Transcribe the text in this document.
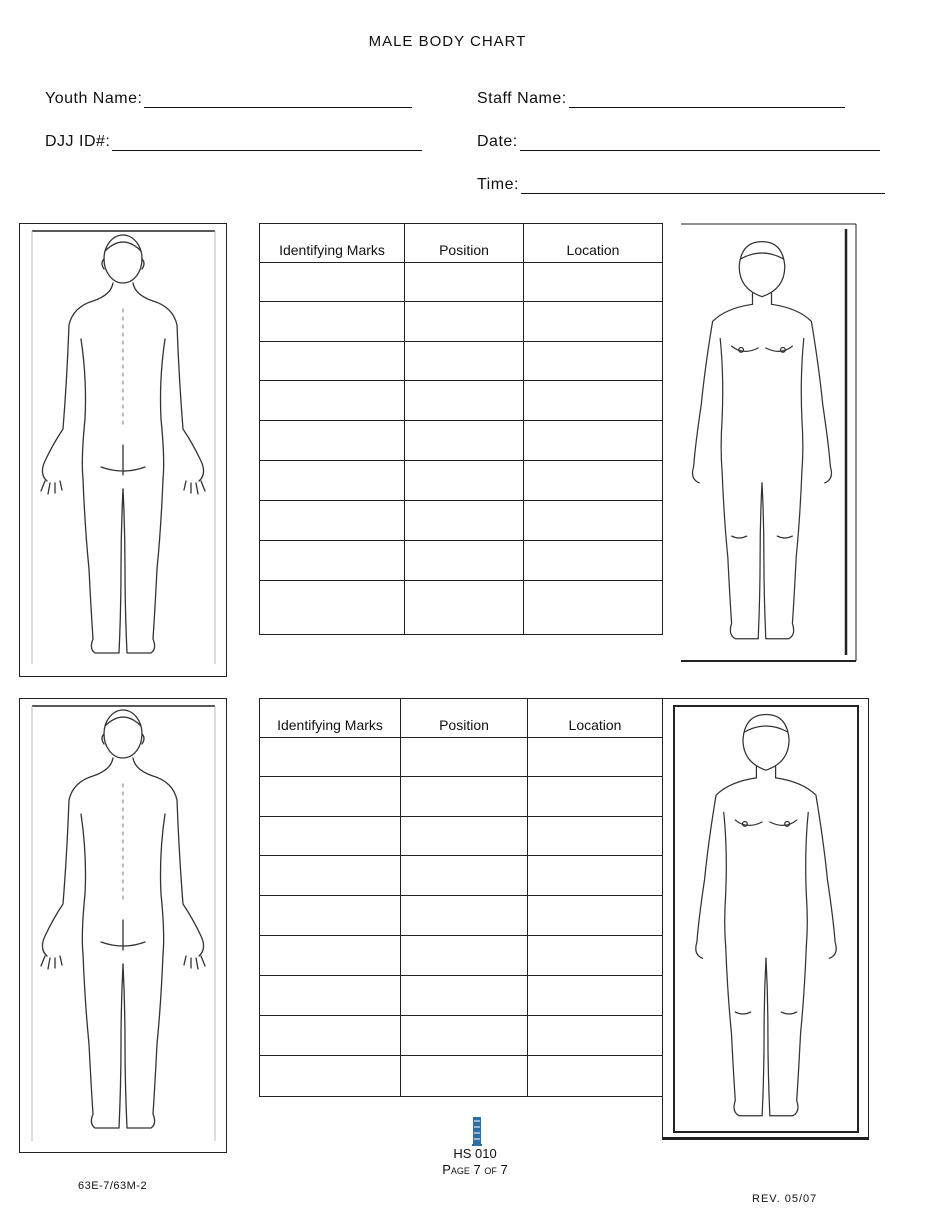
MALE BODY CHART
Youth Name:
DJJ ID#:
Staff Name:
Date:
Time:
Identifying Marks	Position	Location

Identifying Marks	Position	Location

HS 010
Page 7 of 7
63E-7/63M-2
REV. 05/07
